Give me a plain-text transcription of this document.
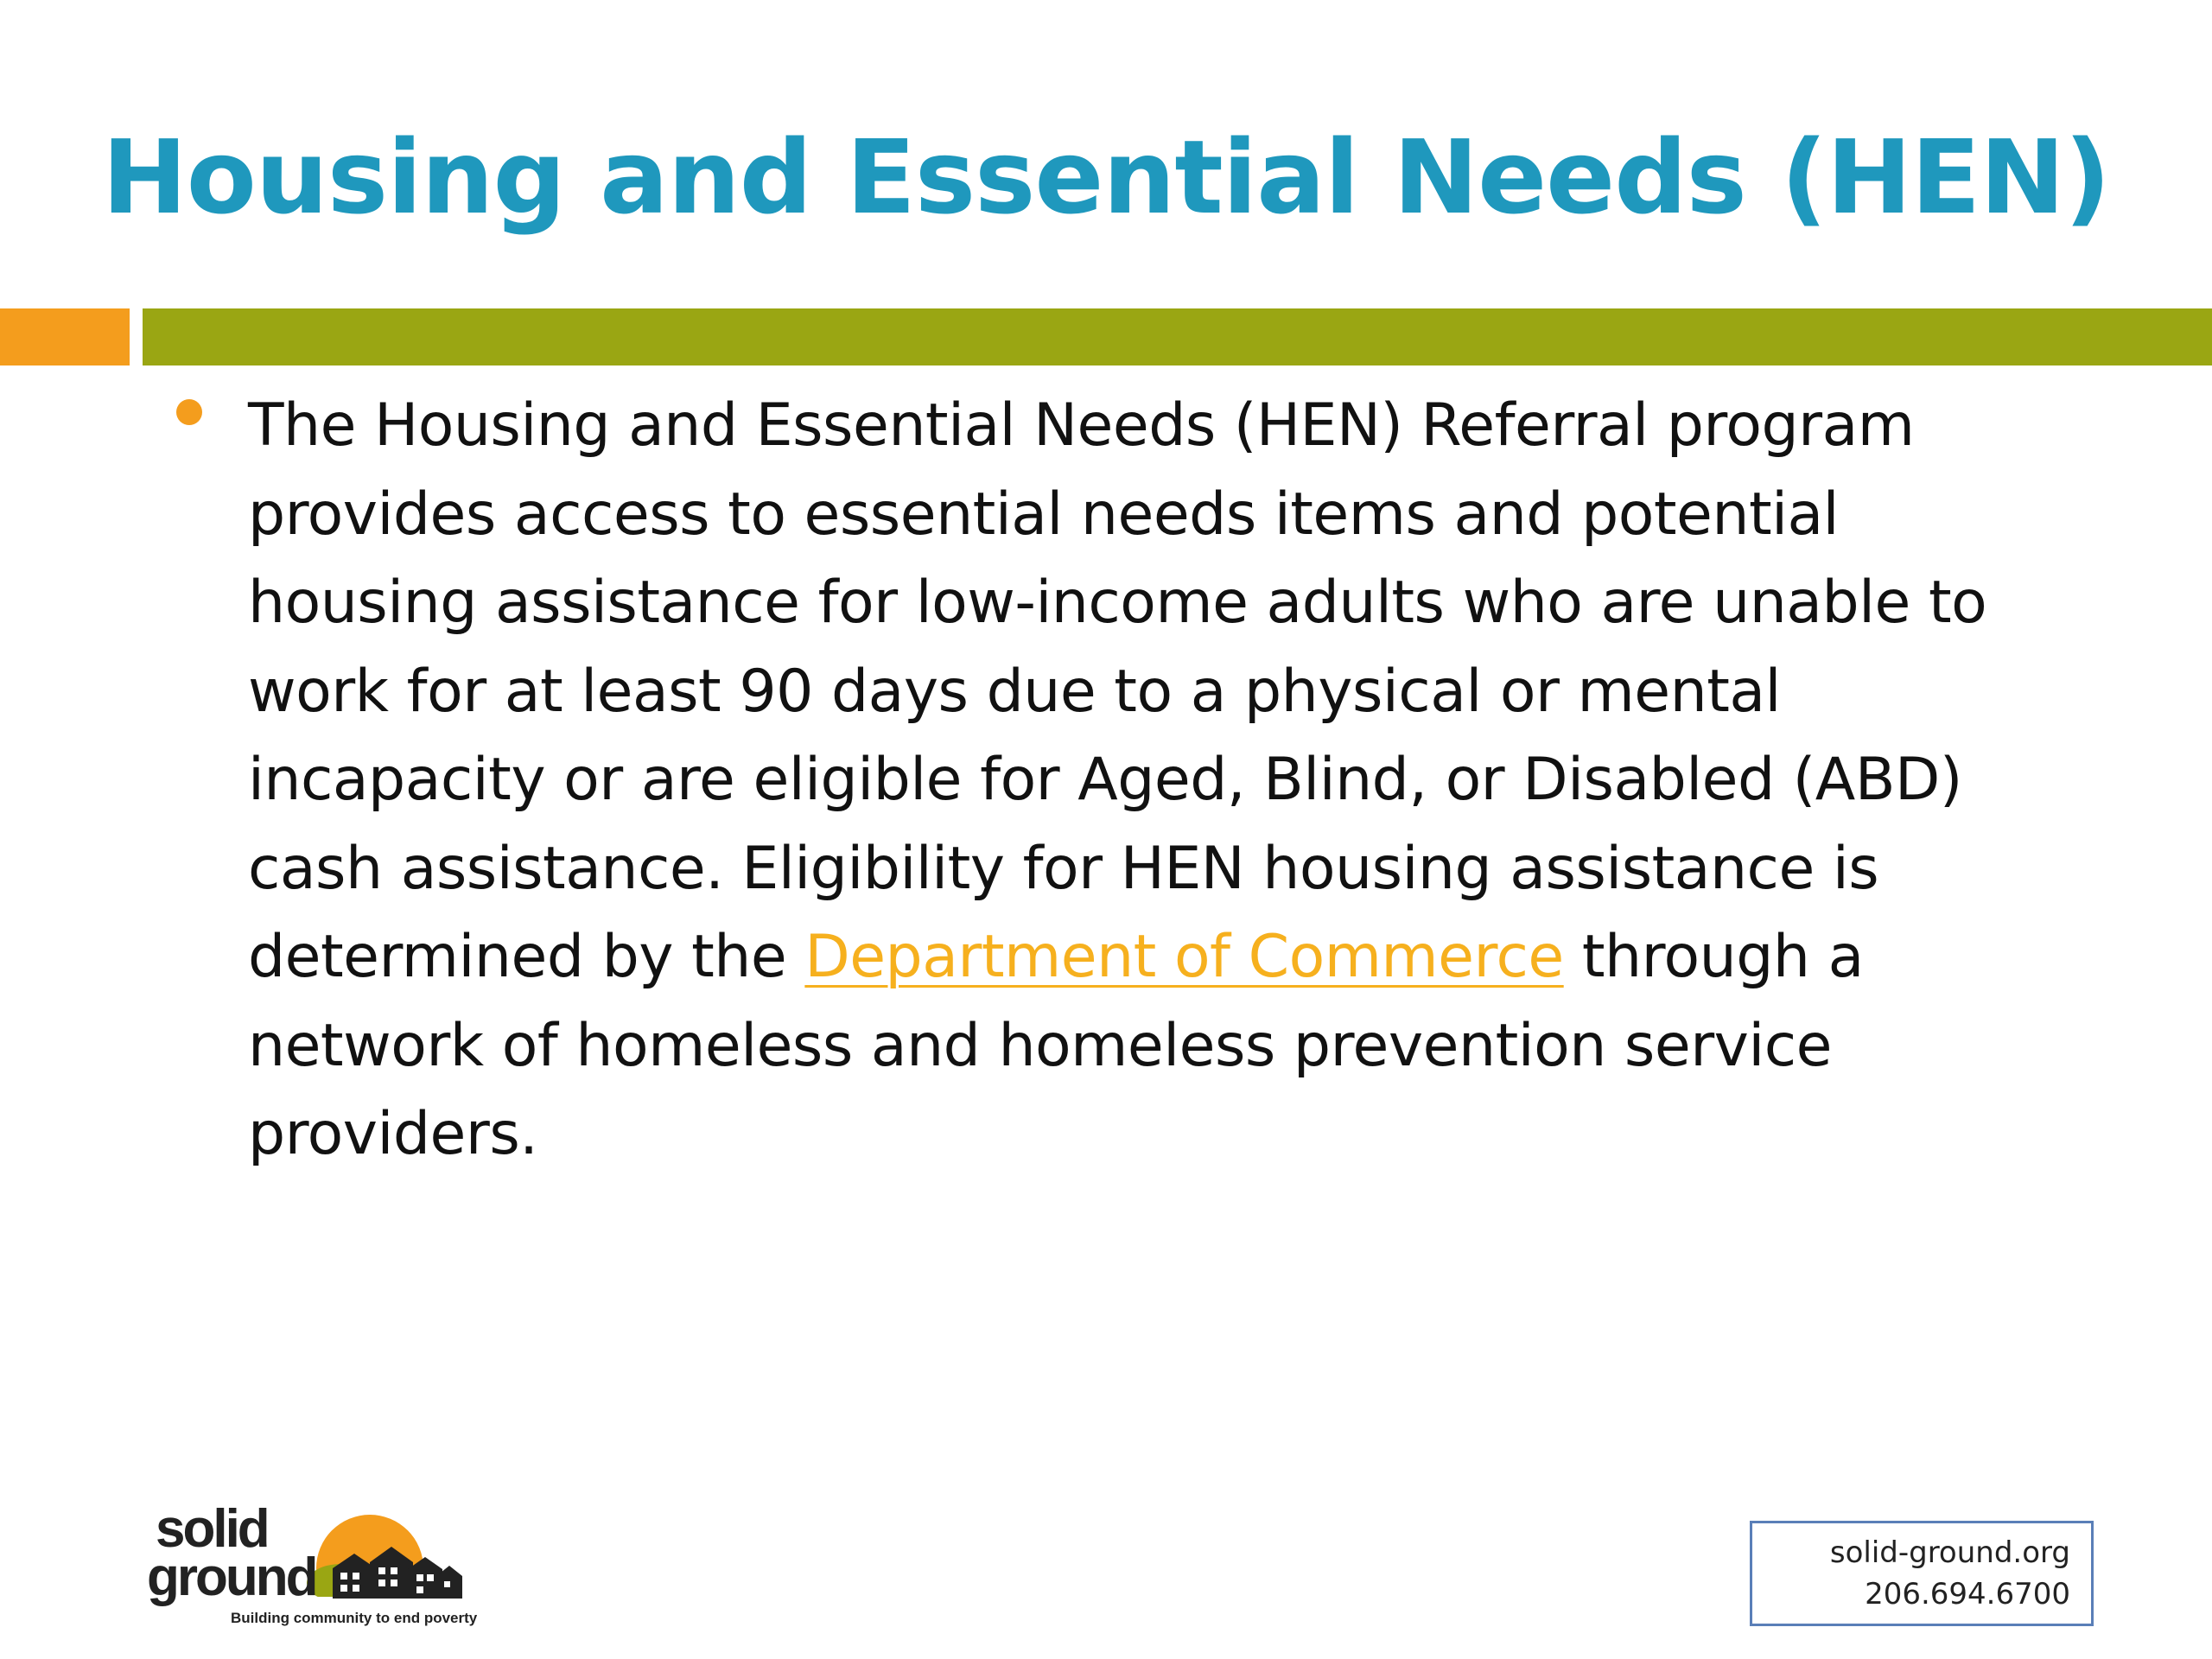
Housing and Essential Needs (HEN)

The Housing and Essential Needs (HEN) Referral program provides access to essential needs items and potential housing assistance for low-income adults who are unable to work for at least 90 days due to a physical or mental incapacity or are eligible for Aged, Blind, or Disabled (ABD) cash assistance. Eligibility for HEN housing assistance is determined by the Department of Commerce through a network of homeless and homeless prevention service providers.

solid
ground
Building community to end poverty
solid-ground.org
206.694.6700
